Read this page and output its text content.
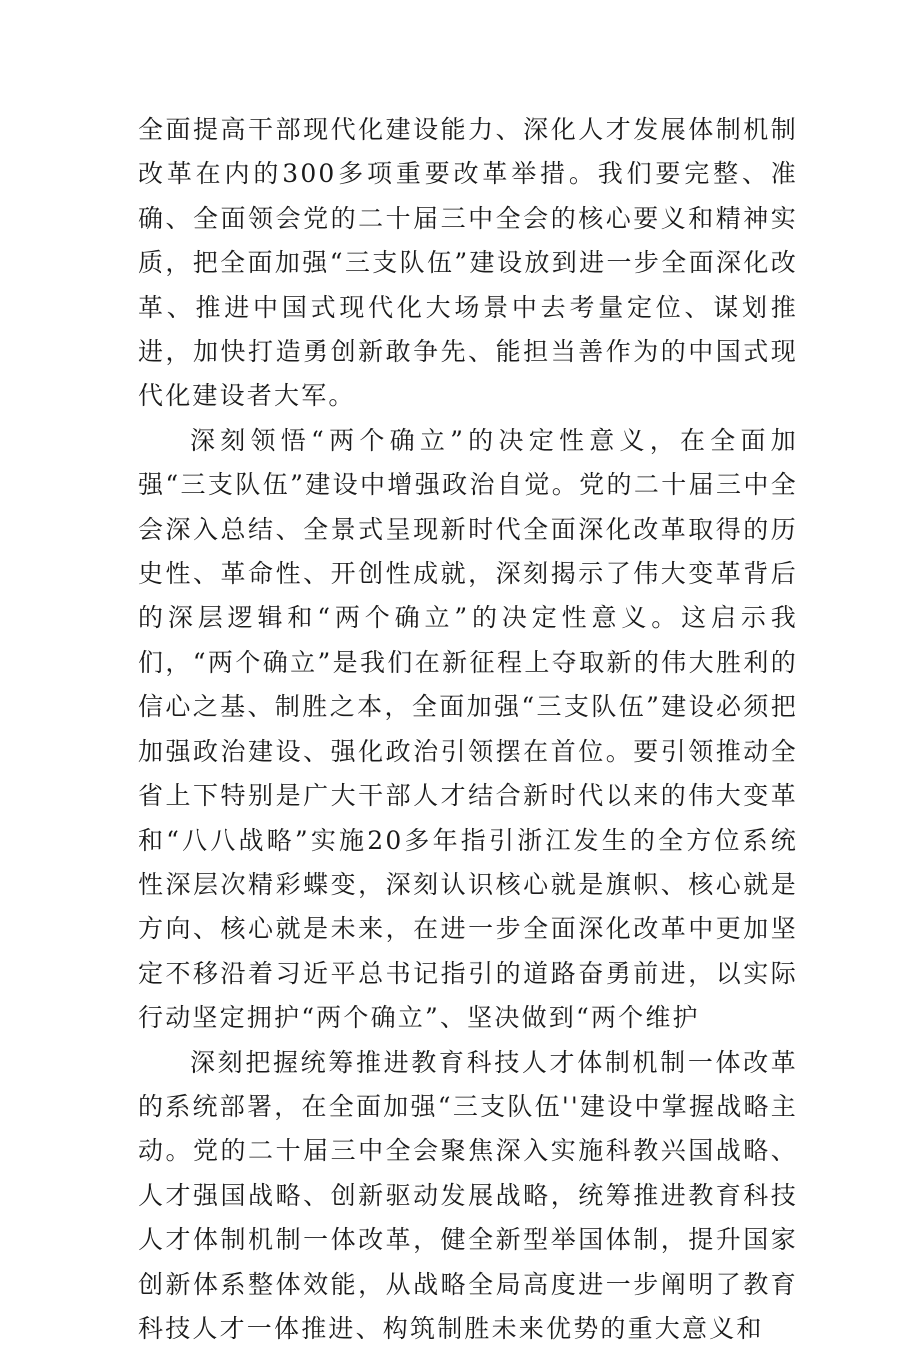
全面提高干部现代化建设能力、深化人才发展体制机制改革在内的300多项重要改革举措。我们要完整、准确、全面领会党的二十届三中全会的核心要义和精神实质，把全面加强“三支队伍”建设放到进一步全面深化改革、推进中国式现代化大场景中去考量定位、谋划推进，加快打造勇创新敢争先、能担当善作为的中国式现代化建设者大军。

深刻领悟“两个确立”的决定性意义，在全面加强“三支队伍”建设中增强政治自觉。党的二十届三中全会深入总结、全景式呈现新时代全面深化改革取得的历史性、革命性、开创性成就，深刻揭示了伟大变革背后的深层逻辑和“两个确立”的决定性意义。这启示我们，“两个确立”是我们在新征程上夺取新的伟大胜利的信心之基、制胜之本，全面加强“三支队伍”建设必须把加强政治建设、强化政治引领摆在首位。要引领推动全省上下特别是广大干部人才结合新时代以来的伟大变革和“八八战略”实施20多年指引浙江发生的全方位系统性深层次精彩蝶变，深刻认识核心就是旗帜、核心就是方向、核心就是未来，在进一步全面深化改革中更加坚定不移沿着习近平总书记指引的道路奋勇前进，以实际行动坚定拥护“两个确立”、坚决做到“两个维护

深刻把握统筹推进教育科技人才体制机制一体改革的系统部署，在全面加强“三支队伍''建设中掌握战略主动。党的二十届三中全会聚焦深入实施科教兴国战略、人才强国战略、创新驱动发展战略，统筹推进教育科技人才体制机制一体改革，健全新型举国体制，提升国家创新体系整体效能，从战略全局高度进一步阐明了教育科技人才一体推进、构筑制胜未来优势的重大意义和
